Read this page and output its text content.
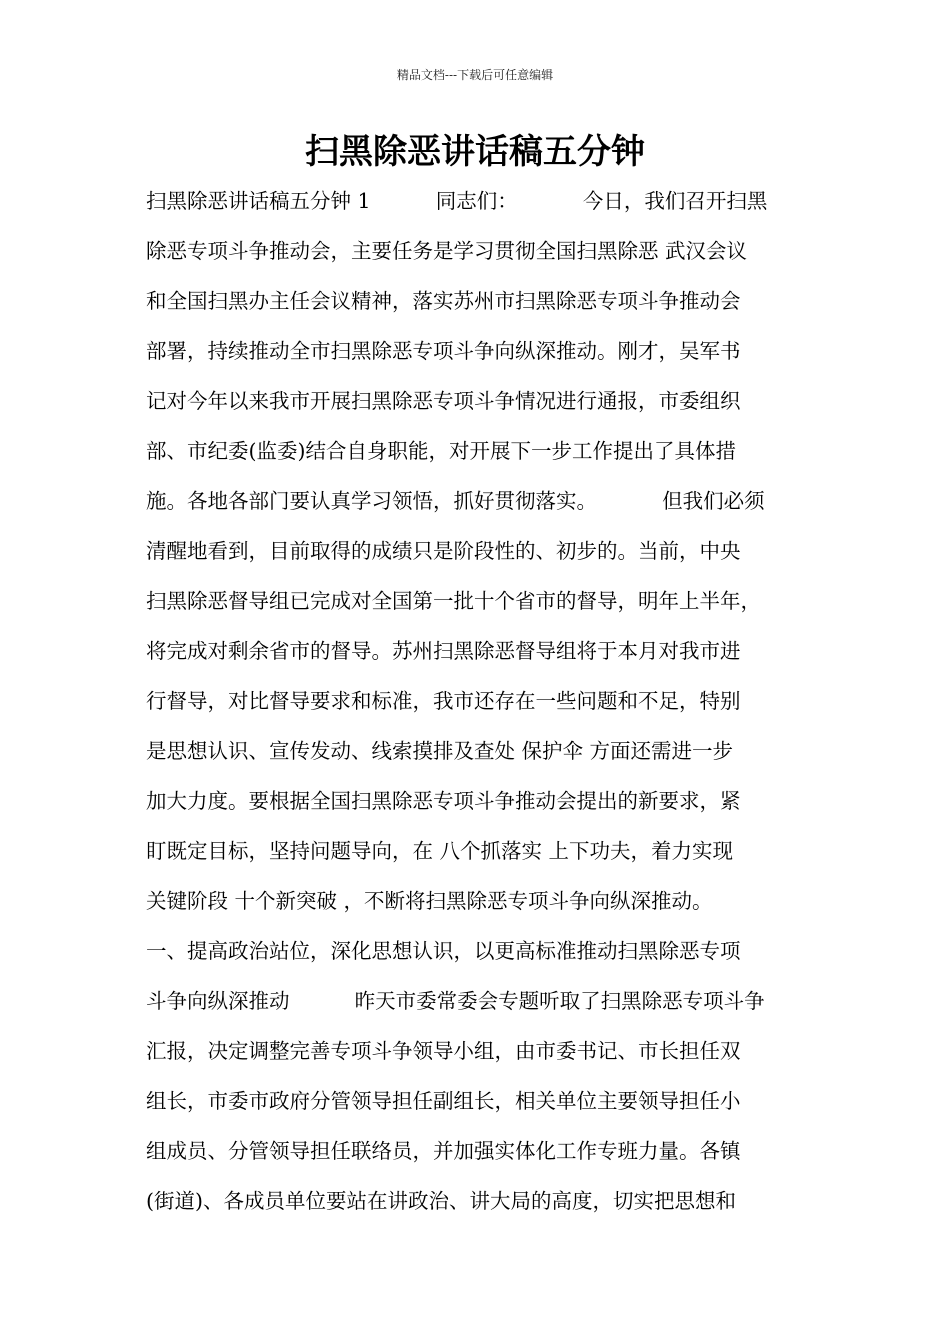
精品文档---下载后可任意编辑
扫黑除恶讲话稿五分钟
扫黑除恶讲话稿五分钟 1          同志们：          今日，我们召开扫黑
除恶专项斗争推动会，主要任务是学习贯彻全国扫黑除恶 武汉会议
和全国扫黑办主任会议精神，落实苏州市扫黑除恶专项斗争推动会
部署，持续推动全市扫黑除恶专项斗争向纵深推动。刚才，吴军书
记对今年以来我市开展扫黑除恶专项斗争情况进行通报，市委组织
部、市纪委(监委)结合自身职能，对开展下一步工作提出了具体措
施。各地各部门要认真学习领悟，抓好贯彻落实。          但我们必须
清醒地看到，目前取得的成绩只是阶段性的、初步的。当前，中央
扫黑除恶督导组已完成对全国第一批十个省市的督导，明年上半年，
将完成对剩余省市的督导。苏州扫黑除恶督导组将于本月对我市进
行督导，对比督导要求和标准，我市还存在一些问题和不足，特别
是思想认识、宣传发动、线索摸排及查处 保护伞 方面还需进一步
加大力度。要根据全国扫黑除恶专项斗争推动会提出的新要求，紧
盯既定目标，坚持问题导向，在 八个抓落实 上下功夫，着力实现
关键阶段 十个新突破 ，不断将扫黑除恶专项斗争向纵深推动。
一、提高政治站位，深化思想认识，以更高标准推动扫黑除恶专项
斗争向纵深推动          昨天市委常委会专题听取了扫黑除恶专项斗争
汇报，决定调整完善专项斗争领导小组，由市委书记、市长担任双
组长，市委市政府分管领导担任副组长，相关单位主要领导担任小
组成员、分管领导担任联络员，并加强实体化工作专班力量。各镇
(街道)、各成员单位要站在讲政治、讲大局的高度，切实把思想和
